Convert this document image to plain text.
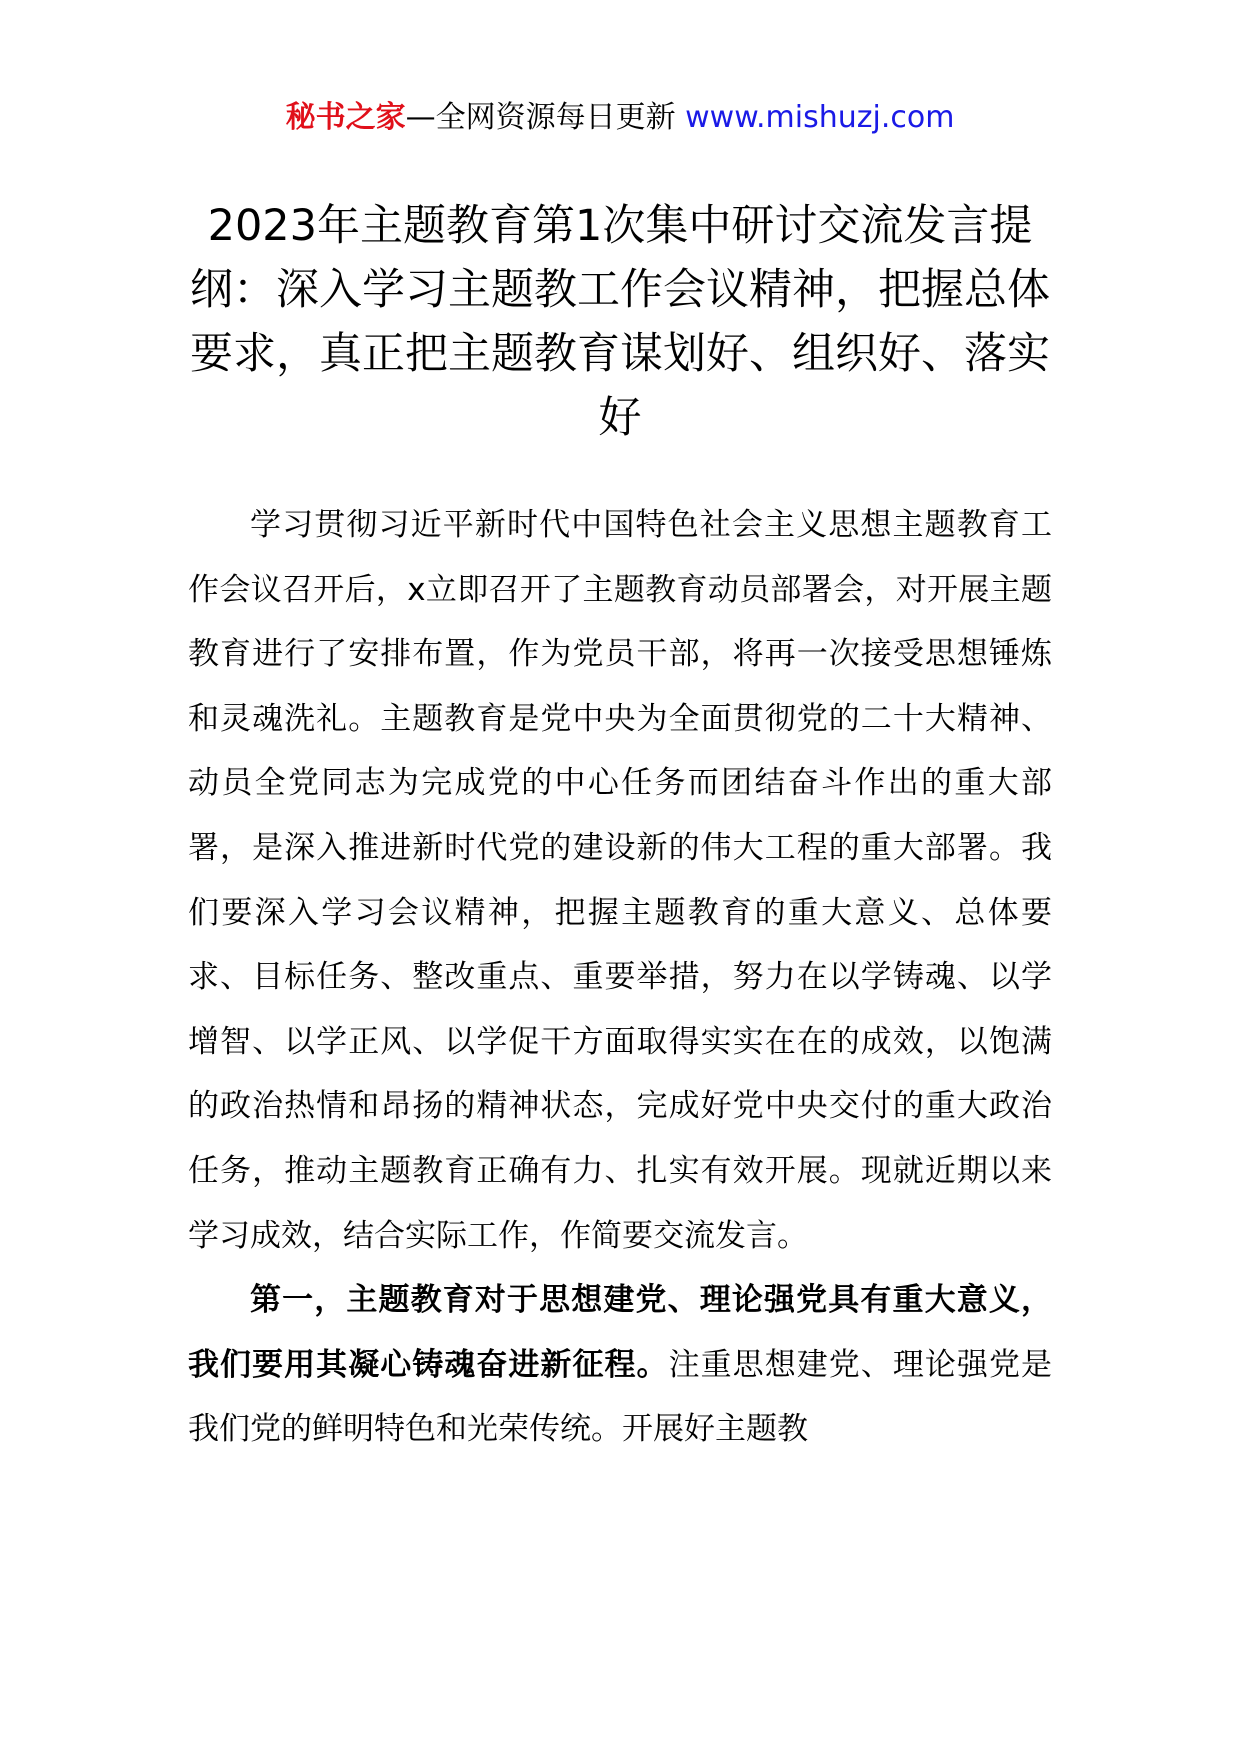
秘书之家—全网资源每日更新 www.mishuzj.com
2023年主题教育第1次集中研讨交流发言提纲：深入学习主题教工作会议精神，把握总体要求，真正把主题教育谋划好、组织好、落实好

学习贯彻习近平新时代中国特色社会主义思想主题教育工作会议召开后，x立即召开了主题教育动员部署会，对开展主题教育进行了安排布置，作为党员干部，将再一次接受思想锤炼和灵魂洗礼。主题教育是党中央为全面贯彻党的二十大精神、动员全党同志为完成党的中心任务而团结奋斗作出的重大部署，是深入推进新时代党的建设新的伟大工程的重大部署。我们要深入学习会议精神，把握主题教育的重大意义、总体要求、目标任务、整改重点、重要举措，努力在以学铸魂、以学增智、以学正风、以学促干方面取得实实在在的成效，以饱满的政治热情和昂扬的精神状态，完成好党中央交付的重大政治任务，推动主题教育正确有力、扎实有效开展。现就近期以来学习成效，结合实际工作，作简要交流发言。

第一，主题教育对于思想建党、理论强党具有重大意义，我们要用其凝心铸魂奋进新征程。注重思想建党、理论强党是我们党的鲜明特色和光荣传统。开展好主题教
